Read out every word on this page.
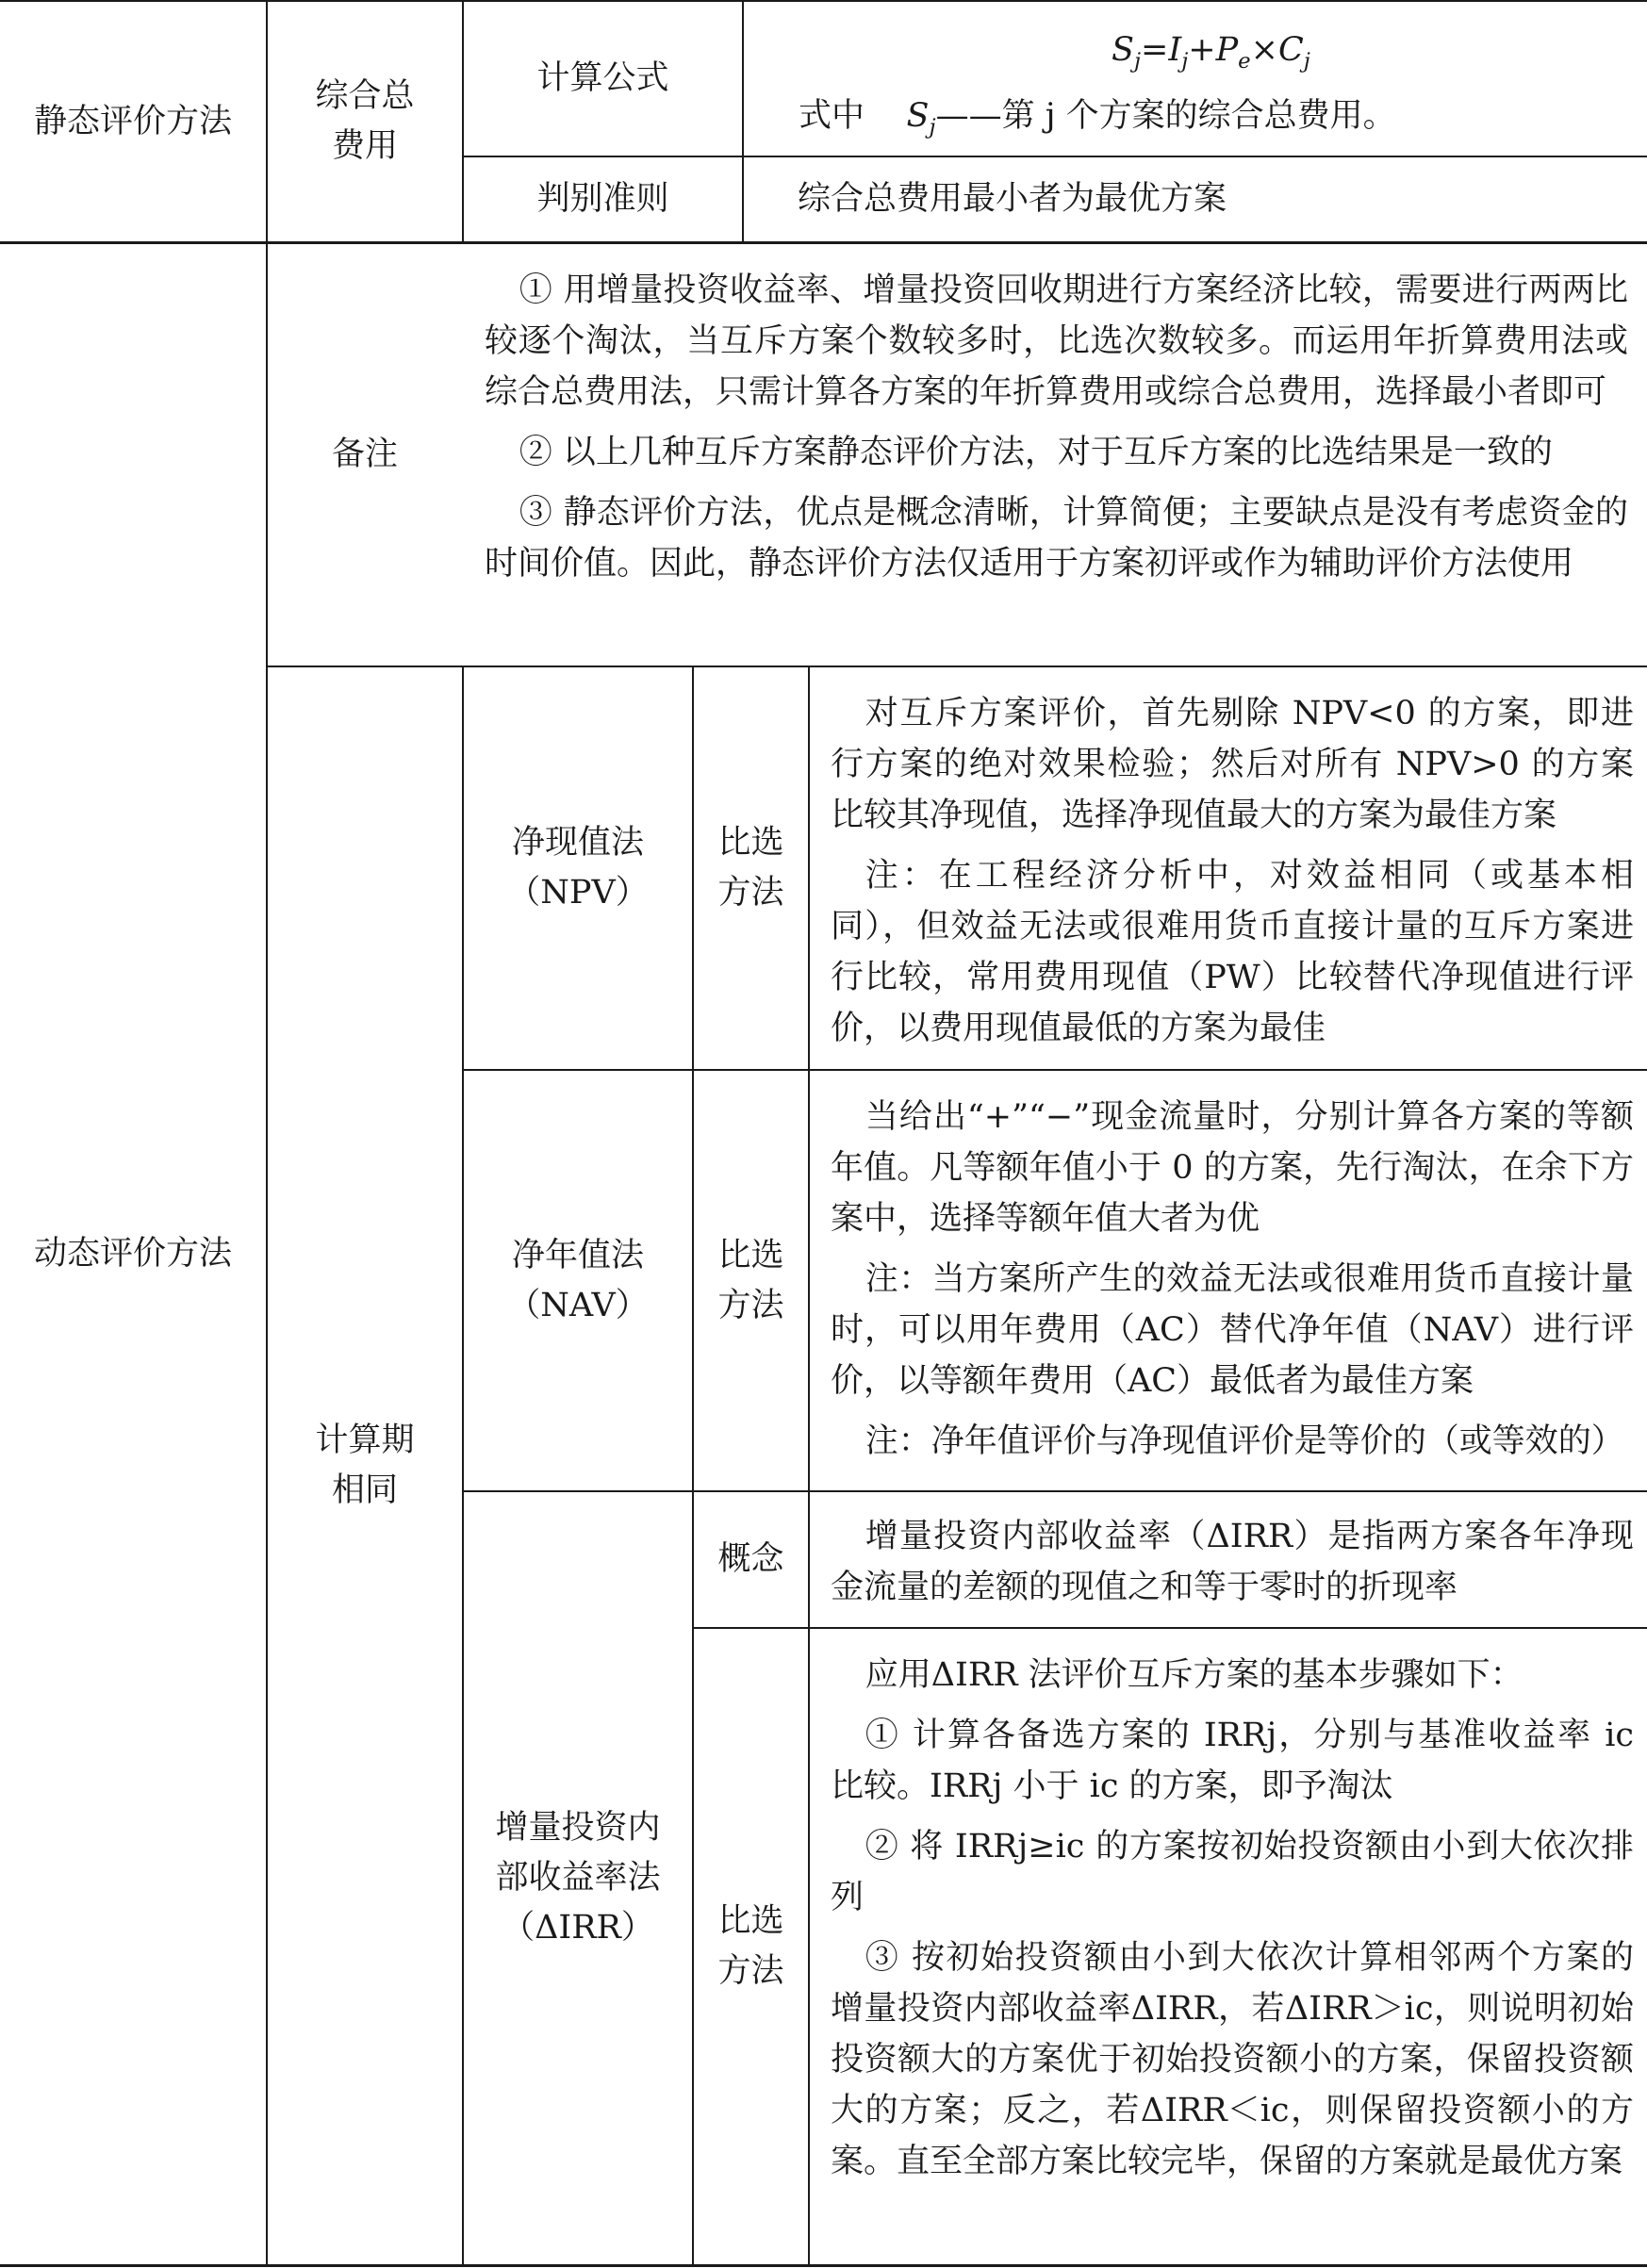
静态评价方法
综合总费用
计算公式
$S_j=I_j+P_e\times C_j$
式中 $S_j——$第 j 个方案的综合总费用。
判别准则	综合总费用最小者为最优方案
备注

① 用增量投资收益率、增量投资回收期进行方案经济比较，需要进行两两比较逐个淘汰，当互斥方案个数较多时，比选次数较多。而运用年折算费用法或综合总费用法，只需计算各方案的年折算费用或综合总费用，选择最小者即可

② 以上几种互斥方案静态评价方法，对于互斥方案的比选结果是一致的

③ 静态评价方法，优点是概念清晰，计算简便；主要缺点是没有考虑资金的时间价值。因此，静态评价方法仅适用于方案初评或作为辅助评价方法使用

动态评价方法
计算期相同
净现值法（NPV）
比选方法

对互斥方案评价，首先剔除 NPV<0 的方案，即进行方案的绝对效果检验；然后对所有 NPV>0 的方案比较其净现值，选择净现值最大的方案为最佳方案

注：在工程经济分析中，对效益相同（或基本相同），但效益无法或很难用货币直接计量的互斥方案进行比较，常用费用现值（PW）比较替代净现值进行评价，以费用现值最低的方案为最佳

净年值法（NAV）
比选方法

当给出“+”“−”现金流量时，分别计算各方案的等额年值。凡等额年值小于 0 的方案，先行淘汰，在余下方案中，选择等额年值大者为优

注：当方案所产生的效益无法或很难用货币直接计量时，可以用年费用（AC）替代净年值（NAV）进行评价，以等额年费用（AC）最低者为最佳方案

注：净年值评价与净现值评价是等价的（或等效的）

增量投资内部收益率法（ΔIRR）
概念

增量投资内部收益率（ΔIRR）是指两方案各年净现金流量的差额的现值之和等于零时的折现率

比选方法

应用ΔIRR 法评价互斥方案的基本步骤如下：

① 计算各备选方案的 IRRj，分别与基准收益率 ic 比较。IRRj 小于 ic 的方案，即予淘汰

② 将 IRRj≥ic 的方案按初始投资额由小到大依次排列

③ 按初始投资额由小到大依次计算相邻两个方案的增量投资内部收益率ΔIRR，若ΔIRR＞ic，则说明初始投资额大的方案优于初始投资额小的方案，保留投资额大的方案；反之，若ΔIRR＜ic，则保留投资额小的方案。直至全部方案比较完毕，保留的方案就是最优方案
